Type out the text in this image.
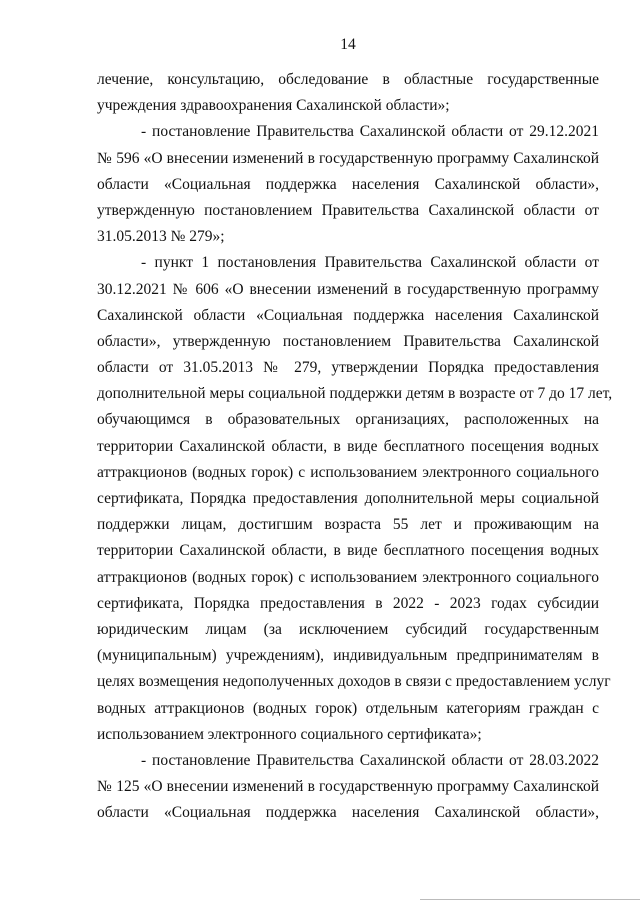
14
лечение, консультацию, обследование в областные государственные
учреждения здравоохранения Сахалинской области»;
- постановление Правительства Сахалинской области от 29.12.2021
№ 596 «О внесении изменений в государственную программу Сахалинской
области «Социальная поддержка населения Сахалинской области»,
утвержденную постановлением Правительства Сахалинской области от
31.05.2013 № 279»;
- пункт 1 постановления Правительства Сахалинской области от
30.12.2021 № 606 «О внесении изменений в государственную программу
Сахалинской области «Социальная поддержка населения Сахалинской
области», утвержденную постановлением Правительства Сахалинской
области от 31.05.2013 № 279, утверждении Порядка предоставления
дополнительной меры социальной поддержки детям в возрасте от 7 до 17 лет,
обучающимся в образовательных организациях, расположенных на
территории Сахалинской области, в виде бесплатного посещения водных
аттракционов (водных горок) с использованием электронного социального
сертификата, Порядка предоставления дополнительной меры социальной
поддержки лицам, достигшим возраста 55 лет и проживающим на
территории Сахалинской области, в виде бесплатного посещения водных
аттракционов (водных горок) с использованием электронного социального
сертификата, Порядка предоставления в 2022 - 2023 годах субсидии
юридическим лицам (за исключением субсидий государственным
(муниципальным) учреждениям), индивидуальным предпринимателям в
целях возмещения недополученных доходов в связи с предоставлением услуг
водных аттракционов (водных горок) отдельным категориям граждан с
использованием электронного социального сертификата»;
- постановление Правительства Сахалинской области от 28.03.2022
№ 125 «О внесении изменений в государственную программу Сахалинской
области «Социальная поддержка населения Сахалинской области»,
